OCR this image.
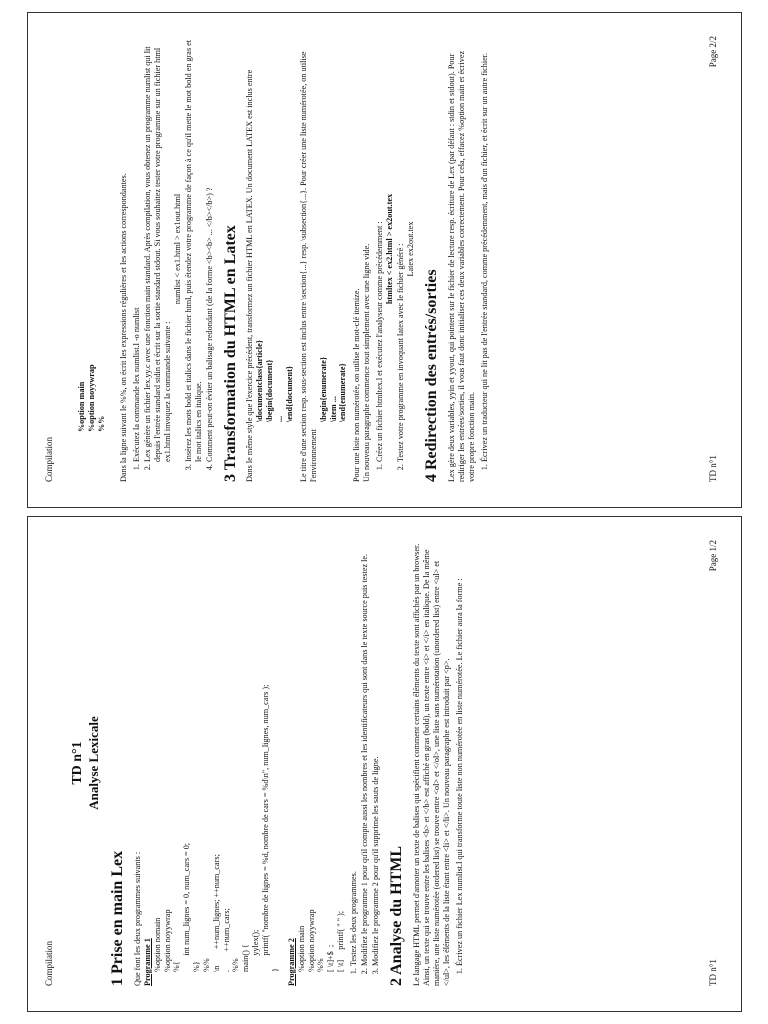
Compilation

%option main
%option noyywrap
%% Dans la ligne suivant le %%, on écrit les expressions régulières et les actions correspondantes. 1. Exécutez la commande lex numlist.l -o numlist 2. Lex génère un fichier lex.yy.c avec une fonction main standard. Après compilation, vous obtenez un programme numlist qui lit depuis l'entrée standard stdin et écrit sur la sortie standard stdout. Si vous souhaitez tester votre programme sur un fichier html ex1.html invoquez la commande suivante :
numlist < ex1.html > ex1out.html 3. Insérez les mots bold et italics dans le fichier html, puis étendez votre programme de façon à ce qu'il mette le mot bold en gras et le mot italics en italique. 4. Comment peut-on éviter un balisage redondant (de la forme <b><b> ... </b></b>) ? 3 Transformation du HTML en Latex Dans le même style que l'exercice précédent, transformez un fichier HTML en LATEX. Un document LATEX est inclus entre \documentclass{article}
\begin{document}
...
\end{document} Le titre d'une section resp. sous-section est inclus entre \section{...} resp. \subsection{...}. Pour créer une liste numérotée, on utilise l'environnement

\begin{enumerate}
\item ...
\end{enumerate} Pour une liste non numérotée, on utilise le mot-clé itemize. Un nouveau paragraphe commence tout simplement avec une ligne vide. 1. Créez un fichier htmltex.l et exécutez l'analyseur comme précédemment : htmltex < ex2.html > ex2out.tex 2. Testez votre programme en invoquant latex avec le fichier généré : Latex ex2out.tex

4 Redirection des entrés/sorties Lex gère deux variables, yyin et yyout, qui pointent sur le fichier de lecture resp. écriture de Lex (par défaut : stdin et stdout). Pour rediriger les entrées/sorties, il vous faut donc initialiser ces deux variables correctement. Pour cela, effacez %option main et écrivez votre propre fonction main. 1. Écrivez un traducteur qui ne lit pas de l'entrée standard, comme précédemment, mais d'un fichier, et écrit sur un autre fichier.
TD n°1
Page 2/2

Compilation

TD n°1 Analyse Lexicale

1 Prise en main Lex Que font les deux programmes suivants : Programme 1 %option nomain
%option noyywrap
%{
int num_lignes = 0, num_cars = 0;
%}
%%
\n        ++num_lignes; ++num_cars;
.         ++num_cars;
%%
main() {
yylex();
printf( "nombre de lignes = %d, nombre de cars = %d\n", num_lignes, num_cars );
} Programme 2 %option main
%option noyywrap
%%
[ \t]+$  ;
[ \t]     printf( " " ); 1. Testez les deux programmes. 2. Modifiez le programme 1 pour qu'il compte aussi les nombres et les identificateurs qui sont dans le texte source puis testez le. 3. Modifiez le programme 2 pour qu'il supprime les sauts de ligne. 2 Analyse du HTML Le langage HTML permet d'annoter un texte de balises qui spécifient comment certains éléments du texte sont affichés par un browser. Ainsi, un texte qui se trouve entre les balises <b> et </b> est affiché en gras (bold), un texte entre <i> et </i> en italique. De la même manière, une liste numérotée (ordered list) se trouve entre <ol> et </ol>, une liste sans numérotation (unordered list) entre <ul> et </ul>, les éléments de la liste étant entre <li> et </li>. Un nouveau paragraphe est introduit par <p>. 1. Écrivez un fichier Lex numlist.l qui transforme toute liste non numérotée en liste numérotée. Le fichier aura la forme :
TD n°1
Page 1/2
